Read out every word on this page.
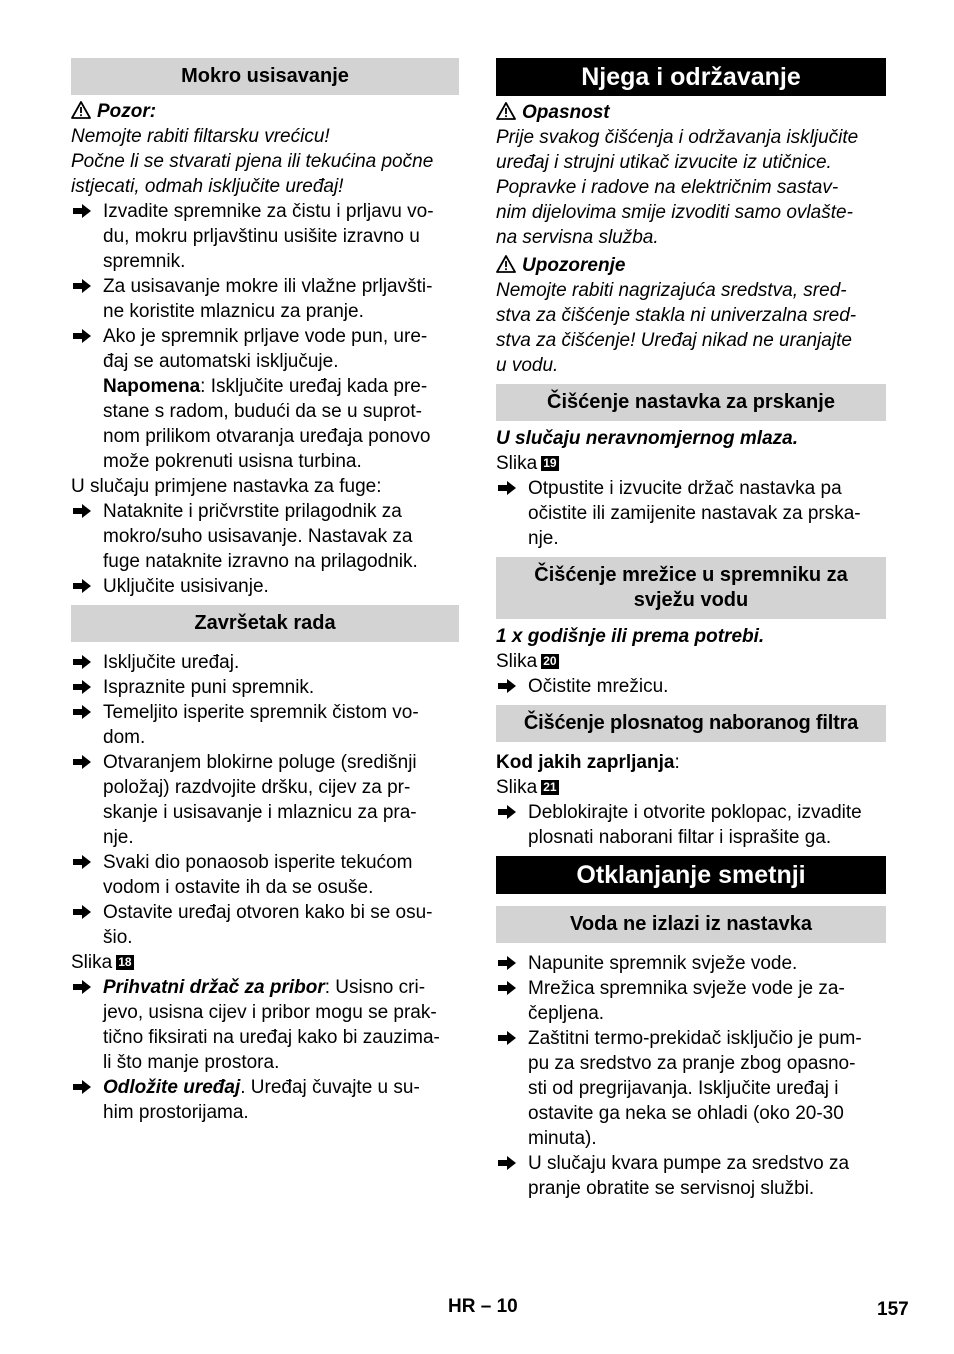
Mokro usisavanje

Pozor:

Nemojte rabiti filtarsku vrećicu!

Počne li se stvarati pjena ili tekućina počne

istjecati, odmah isključite uređaj!

Izvadite spremnike za čistu i prljavu vo-

du, mokru prljavštinu usišite izravno u

spremnik.

Za usisavanje mokre ili vlažne prljavšti-

ne koristite mlaznicu za pranje.

Ako je spremnik prljave vode pun, ure-

đaj se automatski isključuje.

Napomena: Isključite uređaj kada pre-

stane s radom, budući da se u suprot-

nom prilikom otvaranja uređaja ponovo

može pokrenuti usisna turbina.

U slučaju primjene nastavka za fuge:

Nataknite i pričvrstite prilagodnik za

mokro/suho usisavanje. Nastavak za

fuge nataknite izravno na prilagodnik.

Uključite usisivanje.

Završetak rada

Isključite uređaj.

Ispraznite puni spremnik.

Temeljito isperite spremnik čistom vo-

dom.

Otvaranjem blokirne poluge (središnji

položaj) razdvojite dršku, cijev za pr-

skanje i usisavanje i mlaznicu za pra-

nje.

Svaki dio ponaosob isperite tekućom

vodom i ostavite ih da se osuše.

Ostavite uređaj otvoren kako bi se osu-

šio.

Slika 18

Prihvatni držač za pribor: Usisno cri-

jevo, usisna cijev i pribor mogu se prak-

tično fiksirati na uređaj kako bi zauzima-

li što manje prostora.

Odložite uređaj. Uređaj čuvajte u su-

him prostorijama.

Njega i održavanje

Opasnost

Prije svakog čišćenja i održavanja isključite

uređaj i strujni utikač izvucite iz utičnice.

Popravke i radove na električnim sastav-

nim dijelovima smije izvoditi samo ovlašte-

na servisna služba.

Upozorenje

Nemojte rabiti nagrizajuća sredstva, sred-

stva za čišćenje stakla ni univerzalna sred-

stva za čišćenje! Uređaj nikad ne uranjajte

u vodu.

Čišćenje nastavka za prskanje

U slučaju neravnomjernog mlaza.

Slika 19

Otpustite i izvucite držač nastavka pa

očistite ili zamijenite nastavak za prska-

nje.

Čišćenje mrežice u spremniku za
svježu vodu

1 x godišnje ili prema potrebi.

Slika 20

Očistite mrežicu.

Čišćenje plosnatog naboranog filtra

Kod jakih zaprljanja:

Slika 21

Deblokirajte i otvorite poklopac, izvadite

plosnati naborani filtar i isprašite ga.

Otklanjanje smetnji
Voda ne izlazi iz nastavka

Napunite spremnik svježe vode.

Mrežica spremnika svježe vode je za-

čepljena.

Zaštitni termo-prekidač isključio je pum-

pu za sredstvo za pranje zbog opasno-

sti od pregrijavanja. Isključite uređaj i

ostavite ga neka se ohladi (oko 20-30

minuta).

U slučaju kvara pumpe za sredstvo za

pranje obratite se servisnoj službi.

HR – 10	157
